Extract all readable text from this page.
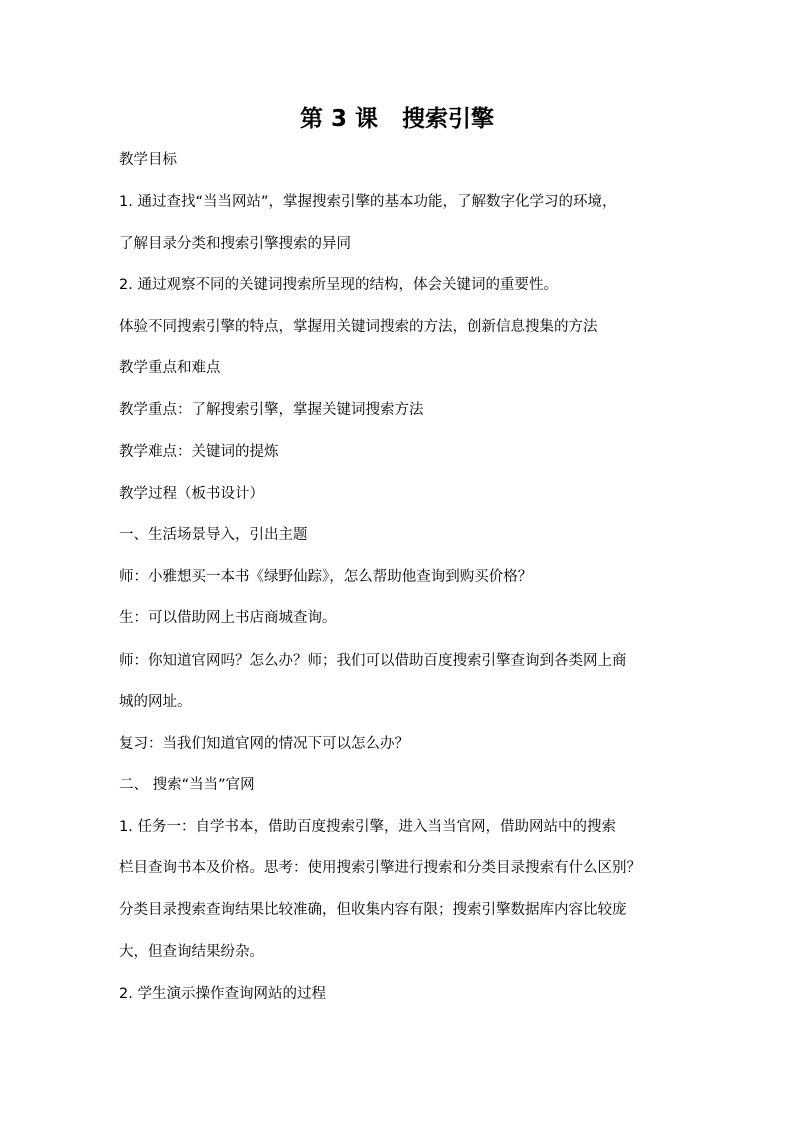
第 3 课   搜索引擎
教学目标
1. 通过查找“当当网站”，掌握搜索引擎的基本功能，了解数字化学习的环境，
了解目录分类和搜索引擎搜索的异同
2. 通过观察不同的关键词搜索所呈现的结构，体会关键词的重要性。
体验不同搜索引擎的特点，掌握用关键词搜索的方法，创新信息搜集的方法
教学重点和难点
教学重点：了解搜索引擎，掌握关键词搜索方法
教学难点：关键词的提炼
教学过程（板书设计）
一、生活场景导入，引出主题
师：小雅想买一本书《绿野仙踪》，怎么帮助他查询到购买价格？
生：可以借助网上书店商城查询。
师：你知道官网吗？怎么办？师；我们可以借助百度搜索引擎查询到各类网上商
城的网址。
复习：当我们知道官网的情况下可以怎么办？
二、 搜索“当当”官网
1. 任务一：自学书本，借助百度搜索引擎，进入当当官网，借助网站中的搜索
栏目查询书本及价格。思考：使用搜索引擎进行搜索和分类目录搜索有什么区别？
分类目录搜索查询结果比较准确，但收集内容有限；搜索引擎数据库内容比较庞
大，但查询结果纷杂。
2. 学生演示操作查询网站的过程
